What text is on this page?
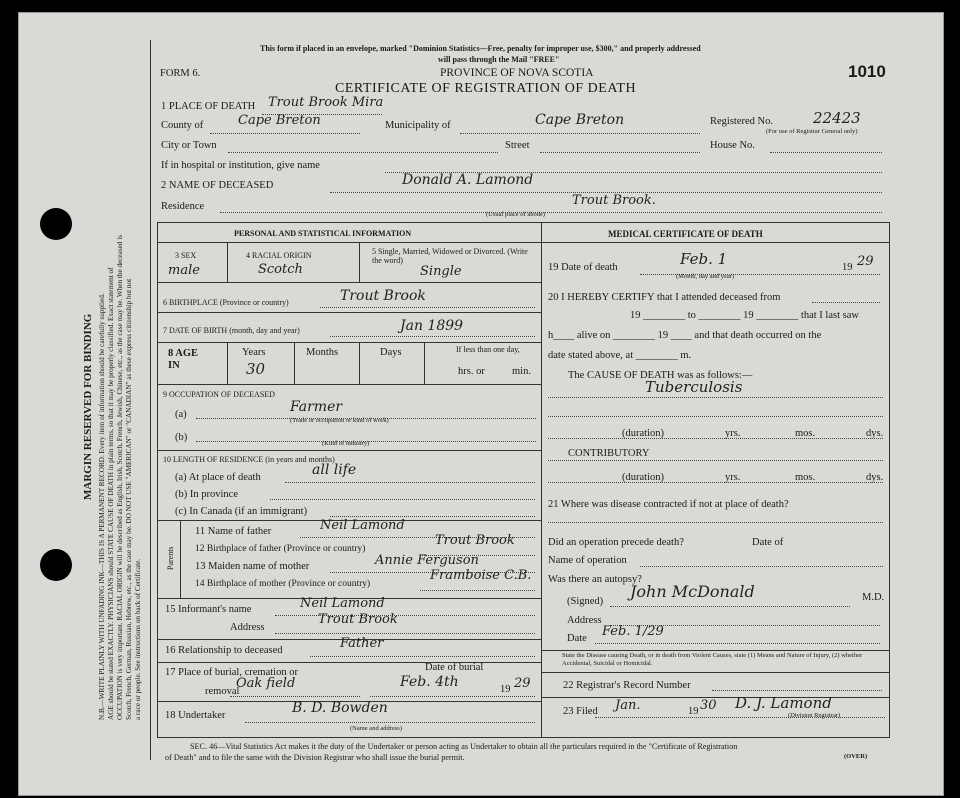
MARGIN RESERVED FOR BINDING N.B.—WRITE PLAINLY WITH UNFADING INK—THIS IS A PERMANENT RECORD. Every item of information should be carefully supplied. AGE should be stated EXACTLY. PHYSICIANS should STATE CAUSE OF DEATH in plain terms, so that it may be properly classified. Exact statement of OCCUPATION is very important. RACIAL ORIGIN will be described as English, Irish, Scotch, French, Jewish, Chinese, etc., as the case may be. When the deceased is Scotch, French, German, Russian, Hebrew, etc., as the case may be. DO NOT USE "AMERICAN" or "CANADIAN" as these express citizenship but not a race or people. See instructions on back of Certificate.
This form if placed in an envelope, marked "Dominion Statistics—Free, penalty for improper use, $300," and properly addressed
will pass through the Mail "FREE"
PROVINCE OF NOVA SCOTIA
FORM 6.	1010
CERTIFICATE OF REGISTRATION OF DEATH
1 PLACE OF DEATH Trout Brook Mira
County of	Cape Breton	Municipality of	Cape Breton	Registered No.	22423
(For use of Registrar General only)
City or Town	Street	House No.
If in hospital or institution, give name
2 NAME OF DECEASED	Donald A. Lamond
Residence	Trout Brook.
(Usual place of abode)
PERSONAL AND STATISTICAL INFORMATION
3 SEX
male
4 RACIAL ORIGIN
Scotch
5 Single, Married, Widowed or Divorced. (Write the word)
Single
6 BIRTHPLACE (Province or country)	Trout Brook
7 DATE OF BIRTH (month, day and year)	Jan 1899
8 AGE IN
Years
30
Months	Days	If less than one day,
hrs. or	min.
9 OCCUPATION OF DECEASED
(a)	Farmer
(Trade or occupation or kind of work)
(b)
(Kind of industry)
10 LENGTH OF RESIDENCE (in years and months)
(a) At place of death	all life
(b) In province
(c) In Canada (if an immigrant)
Parents
11 Name of father	Neil Lamond
12 Birthplace of father (Province or country)
Trout Brook
13 Maiden name of mother	Annie Ferguson
14 Birthplace of mother (Province or country)
Framboise C.B.
15 Informant's name	Neil Lamond
Address
Trout Brook
16 Relationship to deceased	Father
17 Place of burial, cremation or	Date of burial
removal
Oak field	Feb. 4th	19 29
18 Undertaker	B. D. Bowden
(Name and address)
MEDICAL CERTIFICATE OF DEATH
19 Date of death	Feb. 1	19 29
(Month, day and year)
20 I HEREBY CERTIFY that I attended deceased from
19 ________ to ________ 19 ________ that I last saw
h____ alive on ________ 19 ____ and that death occurred on the
date stated above, at ________ m.
The CAUSE OF DEATH was as follows:—
Tuberculosis
(duration)	yrs.	mos.	dys.
CONTRIBUTORY
(duration)	yrs.	mos.	dys.
21 Where was disease contracted if not at place of death?
Did an operation precede death?	Date of
Name of operation
Was there an autopsy?
(Signed)
John McDonald	M.D.
Address
Date Feb. 1/29
State the Disease causing Death, or in death from Violent Causes, state (1) Means and Nature of Injury, (2) whether Accidental, Suicidal or Homicidal.
22 Registrar's Record Number
23 Filed Jan.	19 30 D. J. Lamond
(Division Registrar)
SEC. 46—Vital Statistics Act makes it the duty of the Undertaker or person acting as Undertaker to obtain all the particulars required in the "Certificate of Registration
of Death" and to file the same with the Division Registrar who shall issue the burial permit.	(OVER)
